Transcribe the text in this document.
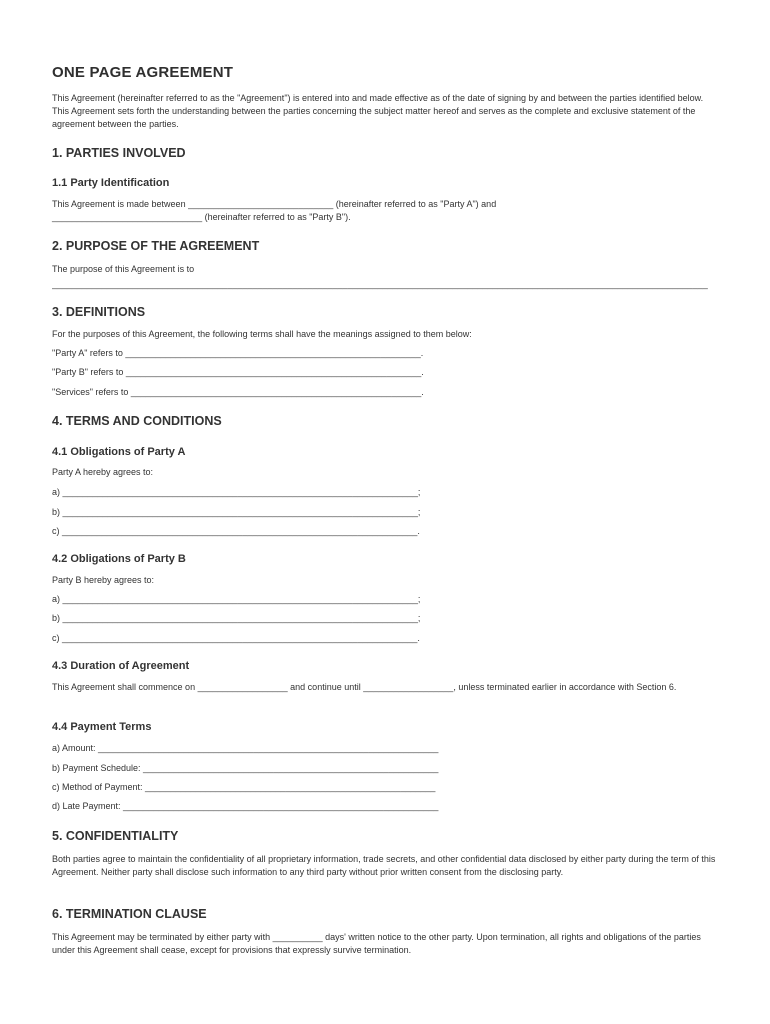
ONE PAGE AGREEMENT

This Agreement (hereinafter referred to as the "Agreement") is entered into and made effective as of the date of signing by and between the parties identified below. This Agreement sets forth the understanding between the parties concerning the subject matter hereof and serves as the complete and exclusive statement of the agreement between the parties.

1. PARTIES INVOLVED
1.1 Party Identification

This Agreement is made between _____________________________ (hereinafter referred to as "Party A") and

______________________________ (hereinafter referred to as "Party B").

2. PURPOSE OF THE AGREEMENT

The purpose of this Agreement is to

___________________________________________________________________________________________________________________________________

3. DEFINITIONS

For the purposes of this Agreement, the following terms shall have the meanings assigned to them below:

"Party A" refers to ___________________________________________________________.

"Party B" refers to ___________________________________________________________.

"Services" refers to __________________________________________________________.

4. TERMS AND CONDITIONS
4.1 Obligations of Party A

Party A hereby agrees to:

a) _______________________________________________________________________;

b) _______________________________________________________________________;

c) _______________________________________________________________________.

4.2 Obligations of Party B

Party B hereby agrees to:

a) _______________________________________________________________________;

b) _______________________________________________________________________;

c) _______________________________________________________________________.

4.3 Duration of Agreement

This Agreement shall commence on __________________ and continue until __________________, unless terminated earlier in accordance with Section 6.

4.4 Payment Terms

a) Amount: ____________________________________________________________________

b) Payment Schedule: ___________________________________________________________

c) Method of Payment: __________________________________________________________

d) Late Payment: _______________________________________________________________

5. CONFIDENTIALITY

Both parties agree to maintain the confidentiality of all proprietary information, trade secrets, and other confidential data disclosed by either party during the term of this Agreement. Neither party shall disclose such information to any third party without prior written consent from the disclosing party.

6. TERMINATION CLAUSE

This Agreement may be terminated by either party with __________ days' written notice to the other party. Upon termination, all rights and obligations of the parties under this Agreement shall cease, except for provisions that expressly survive termination.
